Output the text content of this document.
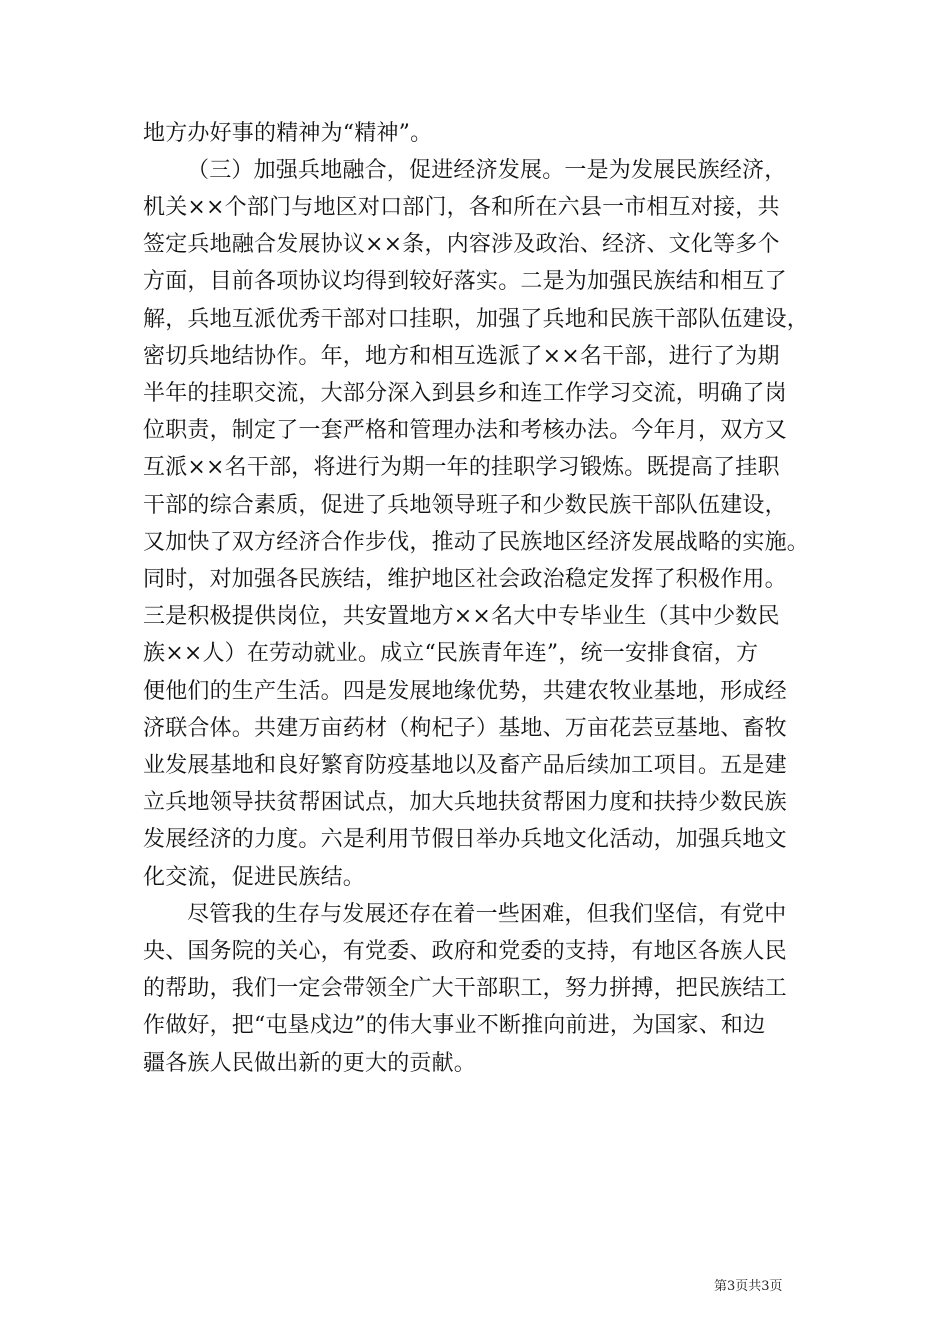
地方办好事的精神为“精神”。
（三）加强兵地融合，促进经济发展。一是为发展民族经济，
机关××个部门与地区对口部门，各和所在六县一市相互对接，共
签定兵地融合发展协议××条，内容涉及政治、经济、文化等多个
方面，目前各项协议均得到较好落实。二是为加强民族结和相互了
解，兵地互派优秀干部对口挂职，加强了兵地和民族干部队伍建设，
密切兵地结协作。年，地方和相互选派了××名干部，进行了为期
半年的挂职交流，大部分深入到县乡和连工作学习交流，明确了岗
位职责，制定了一套严格和管理办法和考核办法。今年月，双方又
互派××名干部，将进行为期一年的挂职学习锻炼。既提高了挂职
干部的综合素质，促进了兵地领导班子和少数民族干部队伍建设，
又加快了双方经济合作步伐，推动了民族地区经济发展战略的实施。
同时，对加强各民族结，维护地区社会政治稳定发挥了积极作用。
三是积极提供岗位，共安置地方××名大中专毕业生（其中少数民
族××人）在劳动就业。成立“民族青年连”，统一安排食宿，方
便他们的生产生活。四是发展地缘优势，共建农牧业基地，形成经
济联合体。共建万亩药材（枸杞子）基地、万亩花芸豆基地、畜牧
业发展基地和良好繁育防疫基地以及畜产品后续加工项目。五是建
立兵地领导扶贫帮困试点，加大兵地扶贫帮困力度和扶持少数民族
发展经济的力度。六是利用节假日举办兵地文化活动，加强兵地文
化交流，促进民族结。
尽管我的生存与发展还存在着一些困难，但我们坚信，有党中
央、国务院的关心，有党委、政府和党委的支持，有地区各族人民
的帮助，我们一定会带领全广大干部职工，努力拼搏，把民族结工
作做好，把“屯垦戍边”的伟大事业不断推向前进，为国家、和边
疆各族人民做出新的更大的贡献。
第3页共3页
